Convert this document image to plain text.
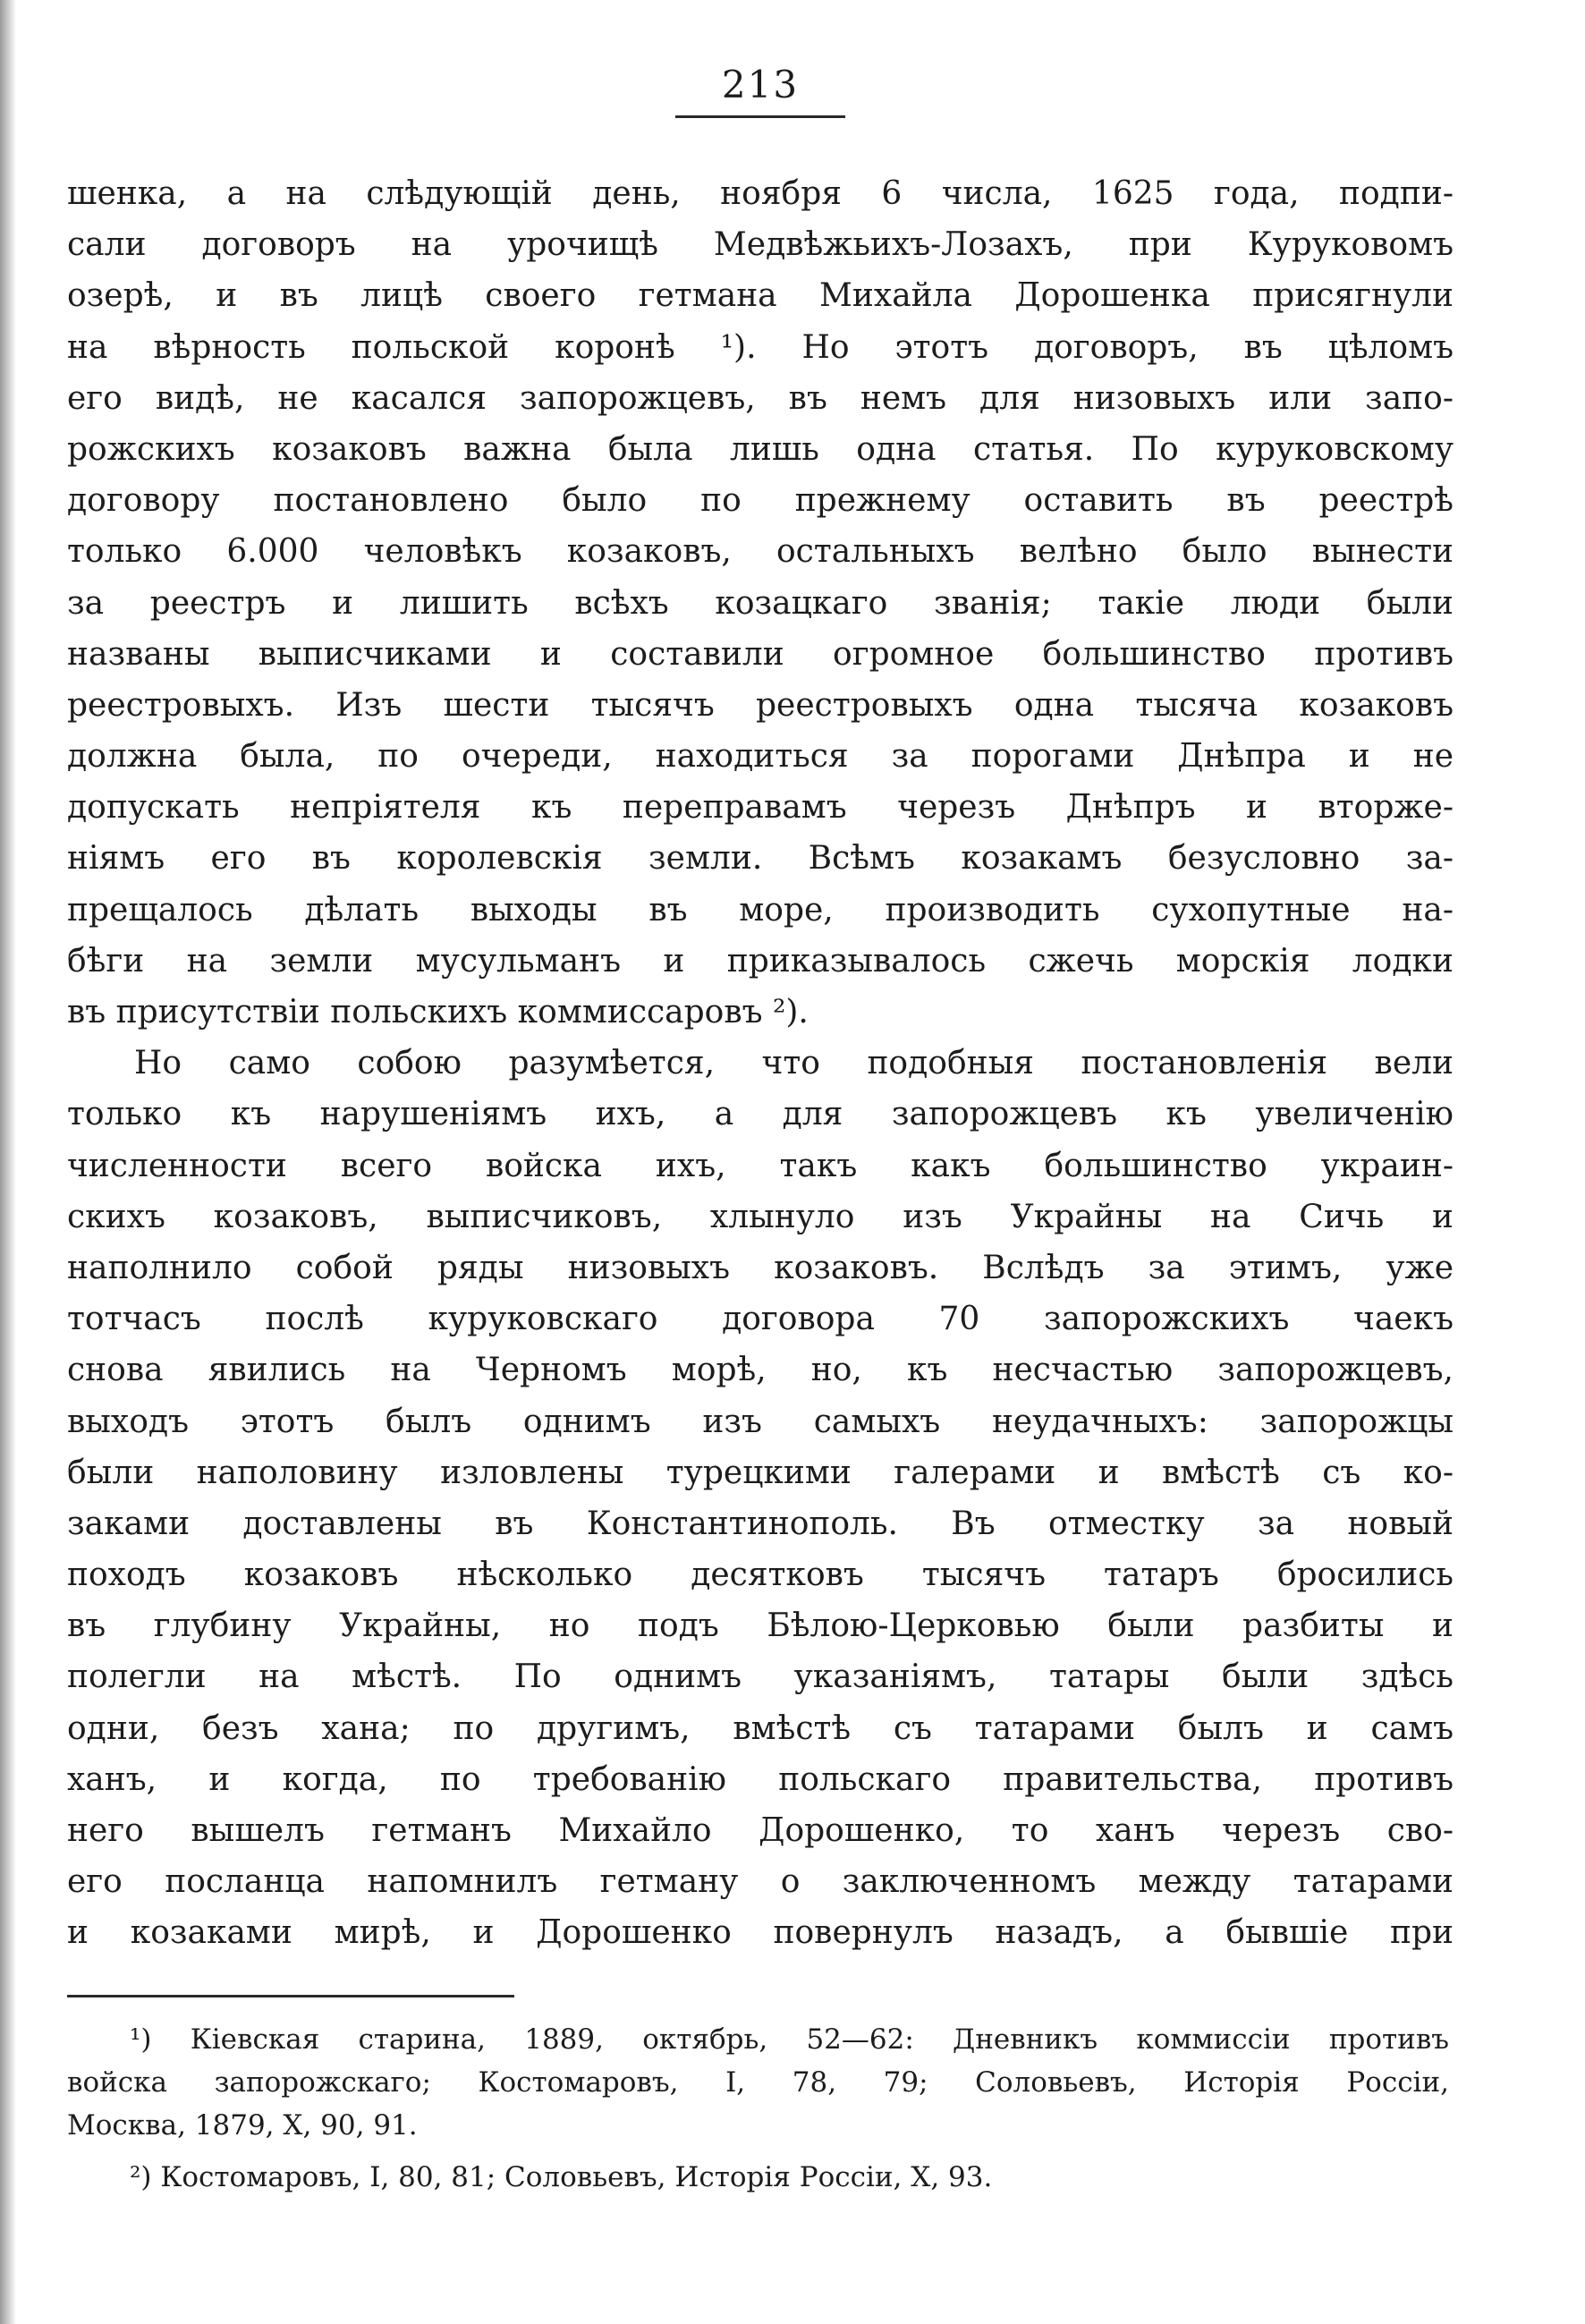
213
шенка, а на слѣдующій день, ноября 6 числа, 1625 года, подпи-
сали договоръ на урочищѣ Медвѣжьихъ-Лозахъ, при Куруковомъ
озерѣ, и въ лицѣ своего гетмана Михайла Дорошенка присягнули
на вѣрность польской коронѣ ¹). Но этотъ договоръ, въ цѣломъ
его видѣ, не касался запорожцевъ, въ немъ для низовыхъ или запо-
рожскихъ козаковъ важна была лишь одна статья. По куруковскому
договору постановлено было по прежнему оставить въ реестрѣ
только 6.000 человѣкъ козаковъ, остальныхъ велѣно было вынести
за реестръ и лишить всѣхъ козацкаго званія; такіе люди были
названы выписчиками и составили огромное большинство противъ
реестровыхъ. Изъ шести тысячъ реестровыхъ одна тысяча козаковъ
должна была, по очереди, находиться за порогами Днѣпра и не
допускать непріятеля къ переправамъ черезъ Днѣпръ и вторже-
ніямъ его въ королевскія земли. Всѣмъ козакамъ безусловно за-
прещалось дѣлать выходы въ море, производить сухопутные на-
бѣги на земли мусульманъ и приказывалось сжечь морскія лодки
въ присутствіи польскихъ коммиссаровъ ²).
Но само собою разумѣется, что подобныя постановленія вели
только къ нарушеніямъ ихъ, а для запорожцевъ къ увеличенію
численности всего войска ихъ, такъ какъ большинство украин-
скихъ козаковъ, выписчиковъ, хлынуло изъ Украйны на Сичь и
наполнило собой ряды низовыхъ козаковъ. Вслѣдъ за этимъ, уже
тотчасъ послѣ куруковскаго договора 70 запорожскихъ чаекъ
снова явились на Черномъ морѣ, но, къ несчастью запорожцевъ,
выходъ этотъ былъ однимъ изъ самыхъ неудачныхъ: запорожцы
были наполовину изловлены турецкими галерами и вмѣстѣ съ ко-
заками доставлены въ Константинополь. Въ отместку за новый
походъ козаковъ нѣсколько десятковъ тысячъ татаръ бросились
въ глубину Украйны, но подъ Бѣлою-Церковью были разбиты и
полегли на мѣстѣ. По однимъ указаніямъ, татары были здѣсь
одни, безъ хана; по другимъ, вмѣстѣ съ татарами былъ и самъ
ханъ, и когда, по требованію польскаго правительства, противъ
него вышелъ гетманъ Михайло Дорошенко, то ханъ черезъ сво-
его посланца напомнилъ гетману о заключенномъ между татарами
и козаками мирѣ, и Дорошенко повернулъ назадъ, а бывшіе при
¹) Кіевская старина, 1889, октябрь, 52—62: Дневникъ коммиссіи противъ
войска запорожскаго; Костомаровъ, I, 78, 79; Соловьевъ, Исторія Россіи,
Москва, 1879, X, 90, 91.
²) Костомаровъ, I, 80, 81; Соловьевъ, Исторія Россіи, X, 93.
